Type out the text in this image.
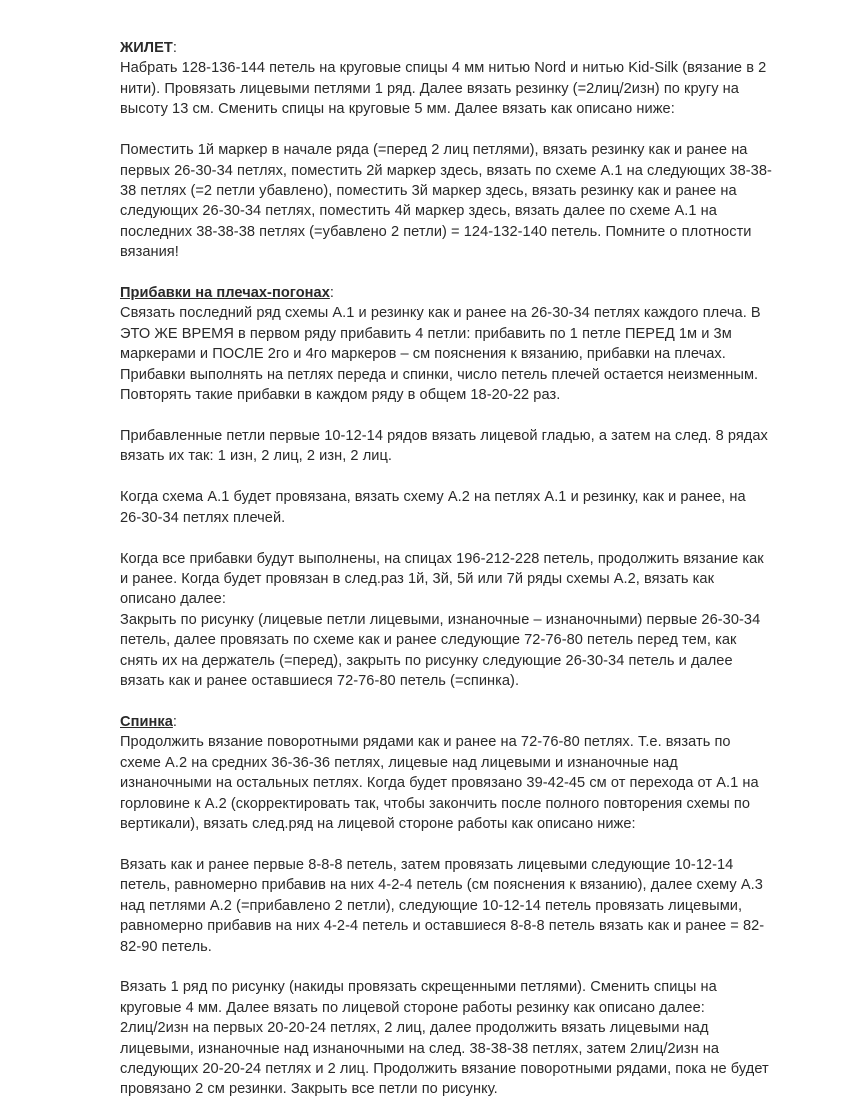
ЖИЛЕТ:
Набрать 128-136-144 петель на круговые спицы 4 мм нитью Nord и нитью Kid-Silk (вязание в 2
нити). Провязать лицевыми петлями 1 ряд. Далее вязать резинку (=2лиц/2изн) по кругу на
высоту 13 см. Сменить спицы на круговые 5 мм. Далее вязать как описано ниже:
Поместить 1й маркер в начале ряда (=перед 2 лиц петлями), вязать резинку как и ранее на
первых 26-30-34 петлях, поместить 2й маркер здесь, вязать по схеме А.1 на следующих 38-38-
38 петлях (=2 петли убавлено), поместить 3й маркер здесь, вязать резинку как и ранее на
следующих 26-30-34 петлях, поместить 4й маркер здесь, вязать далее по схеме А.1 на
последних 38-38-38 петлях (=убавлено 2 петли) = 124-132-140 петель. Помните о плотности
вязания!
Прибавки на плечах-погонах:
Связать последний ряд схемы А.1 и резинку как и ранее на 26-30-34 петлях каждого плеча. В
ЭТО ЖЕ ВРЕМЯ в первом ряду прибавить 4 петли: прибавить по 1 петле ПЕРЕД 1м и 3м
маркерами и ПОСЛЕ 2го и 4го маркеров – см пояснения к вязанию, прибавки на плечах.
Прибавки выполнять на петлях переда и спинки, число петель плечей остается неизменным.
Повторять такие прибавки в каждом ряду в общем 18-20-22 раз.
Прибавленные петли первые 10-12-14 рядов вязать лицевой гладью, а затем на след. 8 рядах
вязать их так: 1 изн, 2 лиц, 2 изн, 2 лиц.
Когда схема А.1 будет провязана, вязать схему А.2 на петлях А.1 и резинку, как и ранее, на
26-30-34 петлях плечей.
Когда все прибавки будут выполнены, на спицах 196-212-228 петель, продолжить вязание как
и ранее. Когда будет провязан в след.раз 1й, 3й, 5й или 7й ряды схемы А.2, вязать как
описано далее:
Закрыть по рисунку (лицевые петли лицевыми, изнаночные – изнаночными) первые 26-30-34
петель, далее провязать по схеме как и ранее следующие 72-76-80 петель перед тем, как
снять их на держатель (=перед), закрыть по рисунку следующие 26-30-34 петель и далее
вязать как и ранее оставшиеся 72-76-80 петель (=спинка).
Спинка:
Продолжить вязание поворотными рядами как и ранее на 72-76-80 петлях. Т.е. вязать по
схеме А.2 на средних 36-36-36 петлях, лицевые над лицевыми и изнаночные над
изнаночными на остальных петлях. Когда будет провязано 39-42-45 см от перехода от А.1 на
горловине к А.2 (скорректировать так, чтобы закончить после полного повторения схемы по
вертикали), вязать след.ряд на лицевой стороне работы как описано ниже:
Вязать как и ранее первые 8-8-8 петель, затем провязать лицевыми следующие 10-12-14
петель, равномерно прибавив на них 4-2-4 петель (см пояснения к вязанию), далее схему А.3
над петлями А.2 (=прибавлено 2 петли), следующие 10-12-14 петель провязать лицевыми,
равномерно прибавив на них 4-2-4 петель и оставшиеся 8-8-8 петель вязать как и ранее = 82-
82-90 петель.
Вязать 1 ряд по рисунку (накиды провязать скрещенными петлями). Сменить спицы на
круговые 4 мм. Далее вязать по лицевой стороне работы резинку как описано далее:
2лиц/2изн на первых 20-20-24 петлях, 2 лиц, далее продолжить вязать лицевыми над
лицевыми, изнаночные над изнаночными на след. 38-38-38 петлях, затем 2лиц/2изн на
следующих 20-20-24 петлях и 2 лиц. Продолжить вязание поворотными рядами, пока не будет
провязано 2 см резинки. Закрыть все петли по рисунку.
